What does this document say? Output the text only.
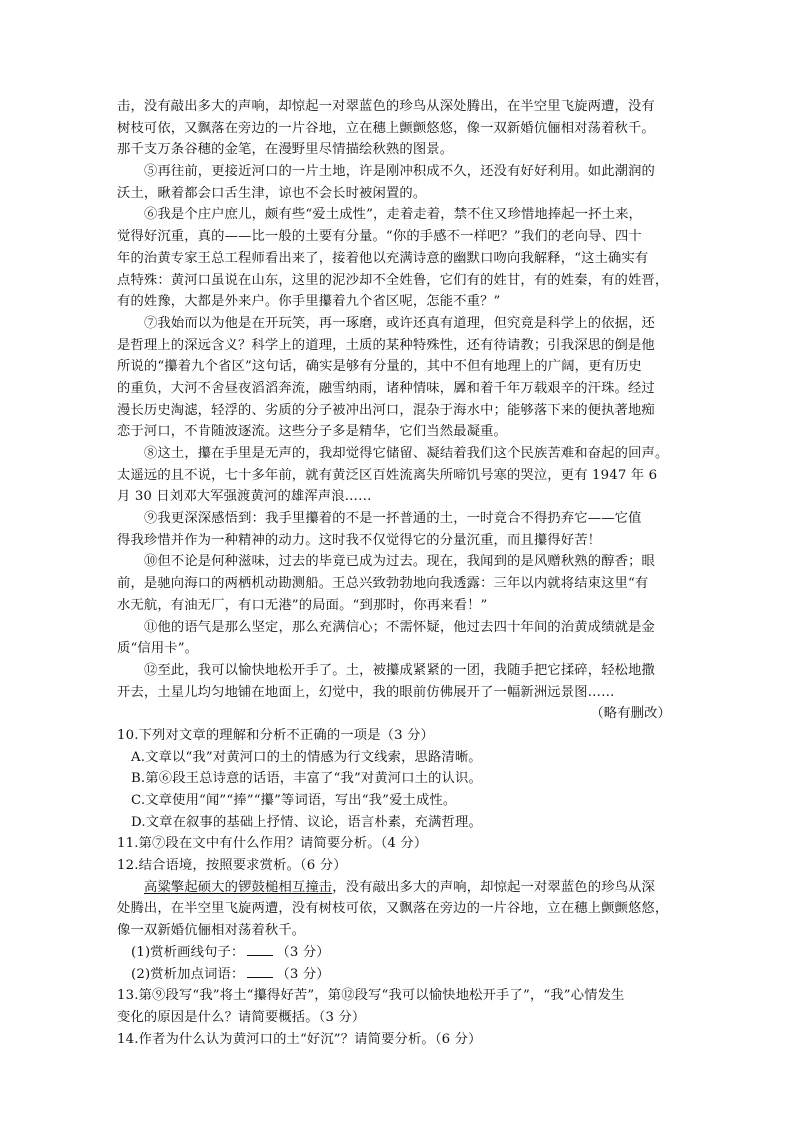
击，没有敲出多大的声响，却惊起一对翠蓝色的珍鸟从深处腾出，在半空里飞旋两遭，没有
树枝可依，又飘落在旁边的一片谷地，立在穗上颤颤悠悠，像一双新婚伉俪相对荡着秋千。
那千支万条谷穗的金笔，在漫野里尽情描绘秋熟的图景。
⑤再往前，更接近河口的一片土地，许是刚冲积成不久，还没有好好利用。如此潮润的
沃土，瞅着都会口舌生津，谅也不会长时被闲置的。
⑥我是个庄户庶儿，颇有些“爱土成性”，走着走着，禁不住又珍惜地捧起一抔土来，
觉得好沉重，真的——比一般的土要有分量。“你的手感不一样吧？”我们的老向导、四十
年的治黄专家王总工程师看出来了，接着他以充满诗意的幽默口吻向我解释，“这土确实有
点特殊：黄河口虽说在山东，这里的泥沙却不全姓鲁，它们有的姓甘，有的姓秦，有的姓晋，
有的姓豫，大都是外来户。你手里攥着九个省区呢，怎能不重？”
⑦我始而以为他是在开玩笑，再一琢磨，或许还真有道理，但究竟是科学上的依据，还
是哲理上的深远含义？科学上的道理，土质的某种特殊性，还有待请教；引我深思的倒是他
所说的“攥着九个省区”这句话，确实是够有分量的，其中不但有地理上的广阔，更有历史
的重负，大河不舍昼夜滔滔奔流，融雪纳雨，诸种情味，羼和着千年万载艰辛的汗珠。经过
漫长历史淘滤，轻浮的、劣质的分子被冲出河口，混杂于海水中；能够落下来的便执著地痴
恋于河口，不肯随波逐流。这些分子多是精华，它们当然最凝重。
⑧这土，攥在手里是无声的，我却觉得它储留、凝结着我们这个民族苦难和奋起的回声。
太遥远的且不说，七十多年前，就有黄泛区百姓流离失所啼饥号寒的哭泣，更有 1947 年 6
月 30 日刘邓大军强渡黄河的雄浑声浪……
⑨我更深深感悟到：我手里攥着的不是一抔普通的土，一时竟合不得扔弃它——它值
得我珍惜并作为一种精神的动力。这时我不仅觉得它的分量沉重，而且攥得好苦！
⑩但不论是何种滋味，过去的毕竟已成为过去。现在，我闻到的是风赠秋熟的醇香；眼
前，是驰向海口的两栖机动勘测船。王总兴致勃勃地向我透露：三年以内就将结束这里“有
水无航，有油无厂，有口无港”的局面。“到那时，你再来看！”
⑪他的语气是那么坚定，那么充满信心；不需怀疑，他过去四十年间的治黄成绩就是金
质“信用卡”。
⑫至此，我可以愉快地松开手了。土，被攥成紧紧的一团，我随手把它揉碎，轻松地撒
开去，土星儿均匀地铺在地面上，幻觉中，我的眼前仿佛展开了一幅新洲远景图……
（略有删改）
10.下列对文章的理解和分析不正确的一项是（3 分）
A.文章以“我”对黄河口的土的情感为行文线索，思路清晰。
B.第⑥段王总诗意的话语，丰富了“我”对黄河口土的认识。
C.文章使用“闻”“捧”“攥”等词语，写出“我”爱土成性。
D.文章在叙事的基础上抒情、议论，语言朴素，充满哲理。
11.第⑦段在文中有什么作用？请简要分析。（4 分）
12.结合语境，按照要求赏析。（6 分）
高粱擎起硕大的锣鼓槌相互撞击，没有敲出多大的声响，却惊起一对翠蓝色的珍鸟从深
处腾出，在半空里飞旋两遭，没有树枝可依，又飘落在旁边的一片谷地，立在穗上颤颤悠悠，
像一双新婚伉俪相对荡着秋千。
(1)赏析画线句子： （3 分）
(2)赏析加点词语： （3 分）
13.第⑨段写“我”将土“攥得好苦”，第⑫段写“我可以愉快地松开手了”，“我”心情发生
变化的原因是什么？请简要概括。（3 分）
14.作者为什么认为黄河口的土“好沉”？请简要分析。（6 分）
